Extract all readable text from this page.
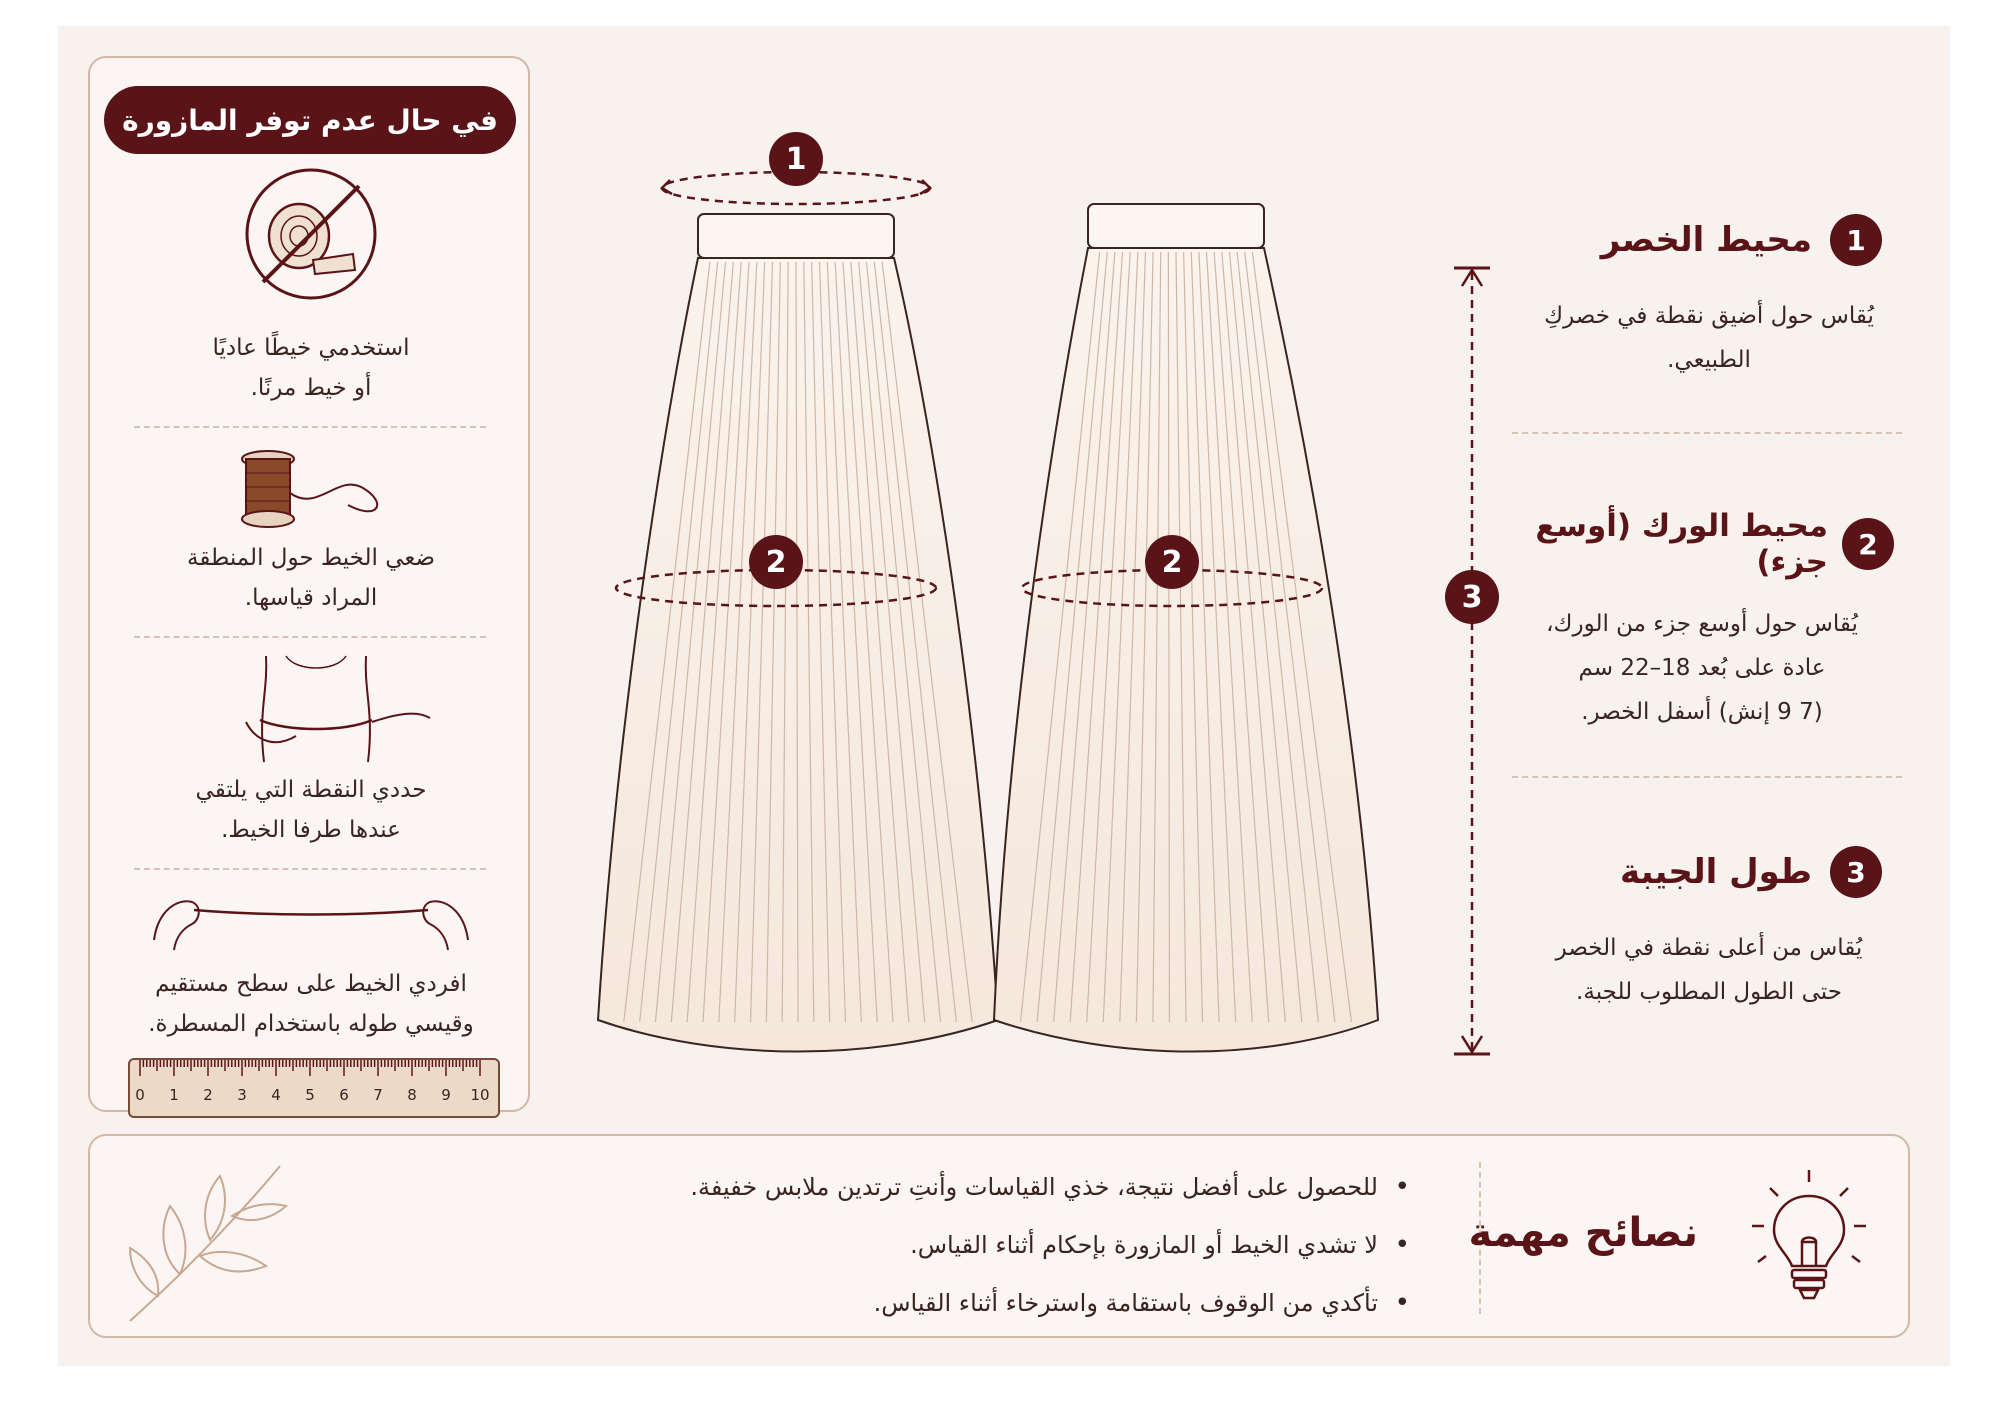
في حال عدم توفر المازورة

استخدمي خيطًا عاديًا

أو خيط مرنًا.

ضعي الخيط حول المنطقة

المراد قياسها.

حددي النقطة التي يلتقي

عندها طرفا الخيط.

افردي الخيط على سطح مستقيم

وقيسي طوله باستخدام المسطرة.

0 1 2 3 4 5 6 7 8 9 10
1
2	2
3
1
محيط الخصر

يُقاس حول أضيق نقطة في خصركِ

الطبيعي.

2
محيط الورك (أوسع جزء)

يُقاس حول أوسع جزء من الورك،

عادة على بُعد 18–22 سم

(7 9 إنش) أسفل الخصر.

3
طول الجيبة

يُقاس من أعلى نقطة في الخصر

حتى الطول المطلوب للجبة.

• للحصول على أفضل نتيجة، خذي القياسات وأنتِ ترتدين ملابس خفيفة.
• لا تشدي الخيط أو المازورة بإحكام أثناء القياس.
• تأكدي من الوقوف باستقامة واسترخاء أثناء القياس.
نصائح مهمة
